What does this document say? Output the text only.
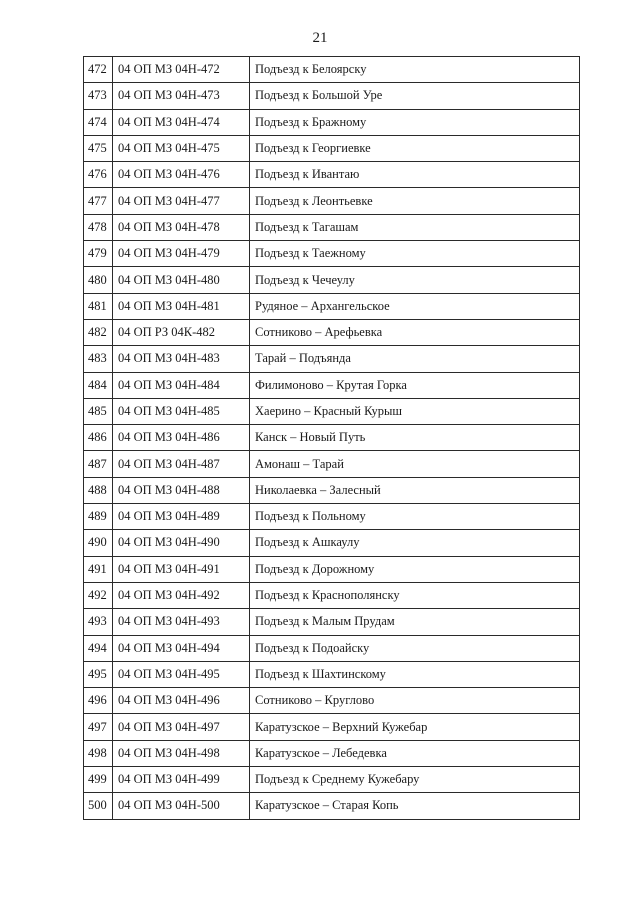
21
472	04 ОП МЗ 04Н-472	Подъезд к Белоярску
473	04 ОП МЗ 04Н-473	Подъезд к Большой Уре
474	04 ОП МЗ 04Н-474	Подъезд к Бражному
475	04 ОП МЗ 04Н-475	Подъезд к Георгиевке
476	04 ОП МЗ 04Н-476	Подъезд к Ивантаю
477	04 ОП МЗ 04Н-477	Подъезд к Леонтьевке
478	04 ОП МЗ 04Н-478	Подъезд к Тагашам
479	04 ОП МЗ 04Н-479	Подъезд к Таежному
480	04 ОП МЗ 04Н-480	Подъезд к Чечеулу
481	04 ОП МЗ 04Н-481	Рудяное – Архангельское
482	04 ОП РЗ 04К-482	Сотниково – Арефьевка
483	04 ОП МЗ 04Н-483	Тарай – Подъянда
484	04 ОП МЗ 04Н-484	Филимоново – Крутая Горка
485	04 ОП МЗ 04Н-485	Хаерино – Красный Курыш
486	04 ОП МЗ 04Н-486	Канск – Новый Путь
487	04 ОП МЗ 04Н-487	Амонаш – Тарай
488	04 ОП МЗ 04Н-488	Николаевка – Залесный
489	04 ОП МЗ 04Н-489	Подъезд к Польному
490	04 ОП МЗ 04Н-490	Подъезд к Ашкаулу
491	04 ОП МЗ 04Н-491	Подъезд к Дорожному
492	04 ОП МЗ 04Н-492	Подъезд к Краснополянску
493	04 ОП МЗ 04Н-493	Подъезд к Малым Прудам
494	04 ОП МЗ 04Н-494	Подъезд к Подоайску
495	04 ОП МЗ 04Н-495	Подъезд к Шахтинскому
496	04 ОП МЗ 04Н-496	Сотниково – Круглово
497	04 ОП МЗ 04Н-497	Каратузское – Верхний Кужебар
498	04 ОП МЗ 04Н-498	Каратузское – Лебедевка
499	04 ОП МЗ 04Н-499	Подъезд к Среднему Кужебару
500	04 ОП МЗ 04Н-500	Каратузское – Старая Копь
